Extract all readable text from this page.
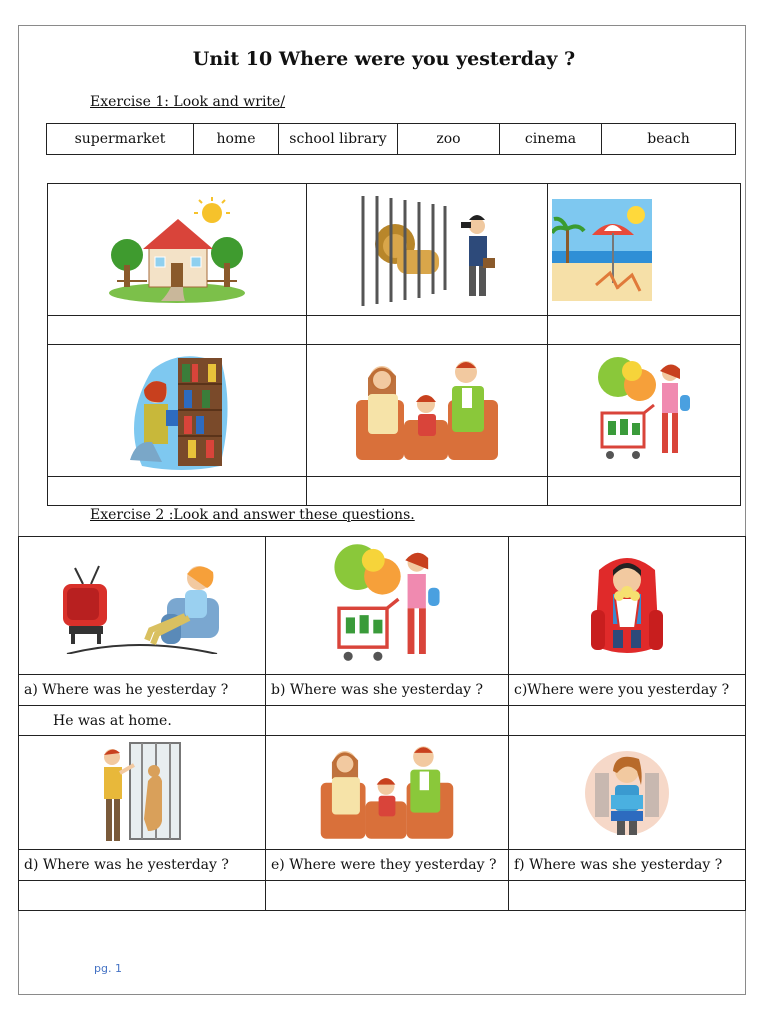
Unit 10 Where were you yesterday ?
Exercise 1: Look and write/
supermarket	home	school library	zoo	cinema	beach

Exercise 2 :Look and answer these questions.

a) Where was he yesterday ?	b) Where was she yesterday ?	c)Where were you yesterday ?
He was at home.		

d) Where was he yesterday ?	e) Where were they yesterday ?	f) Where was she yesterday ?

pg. 1
